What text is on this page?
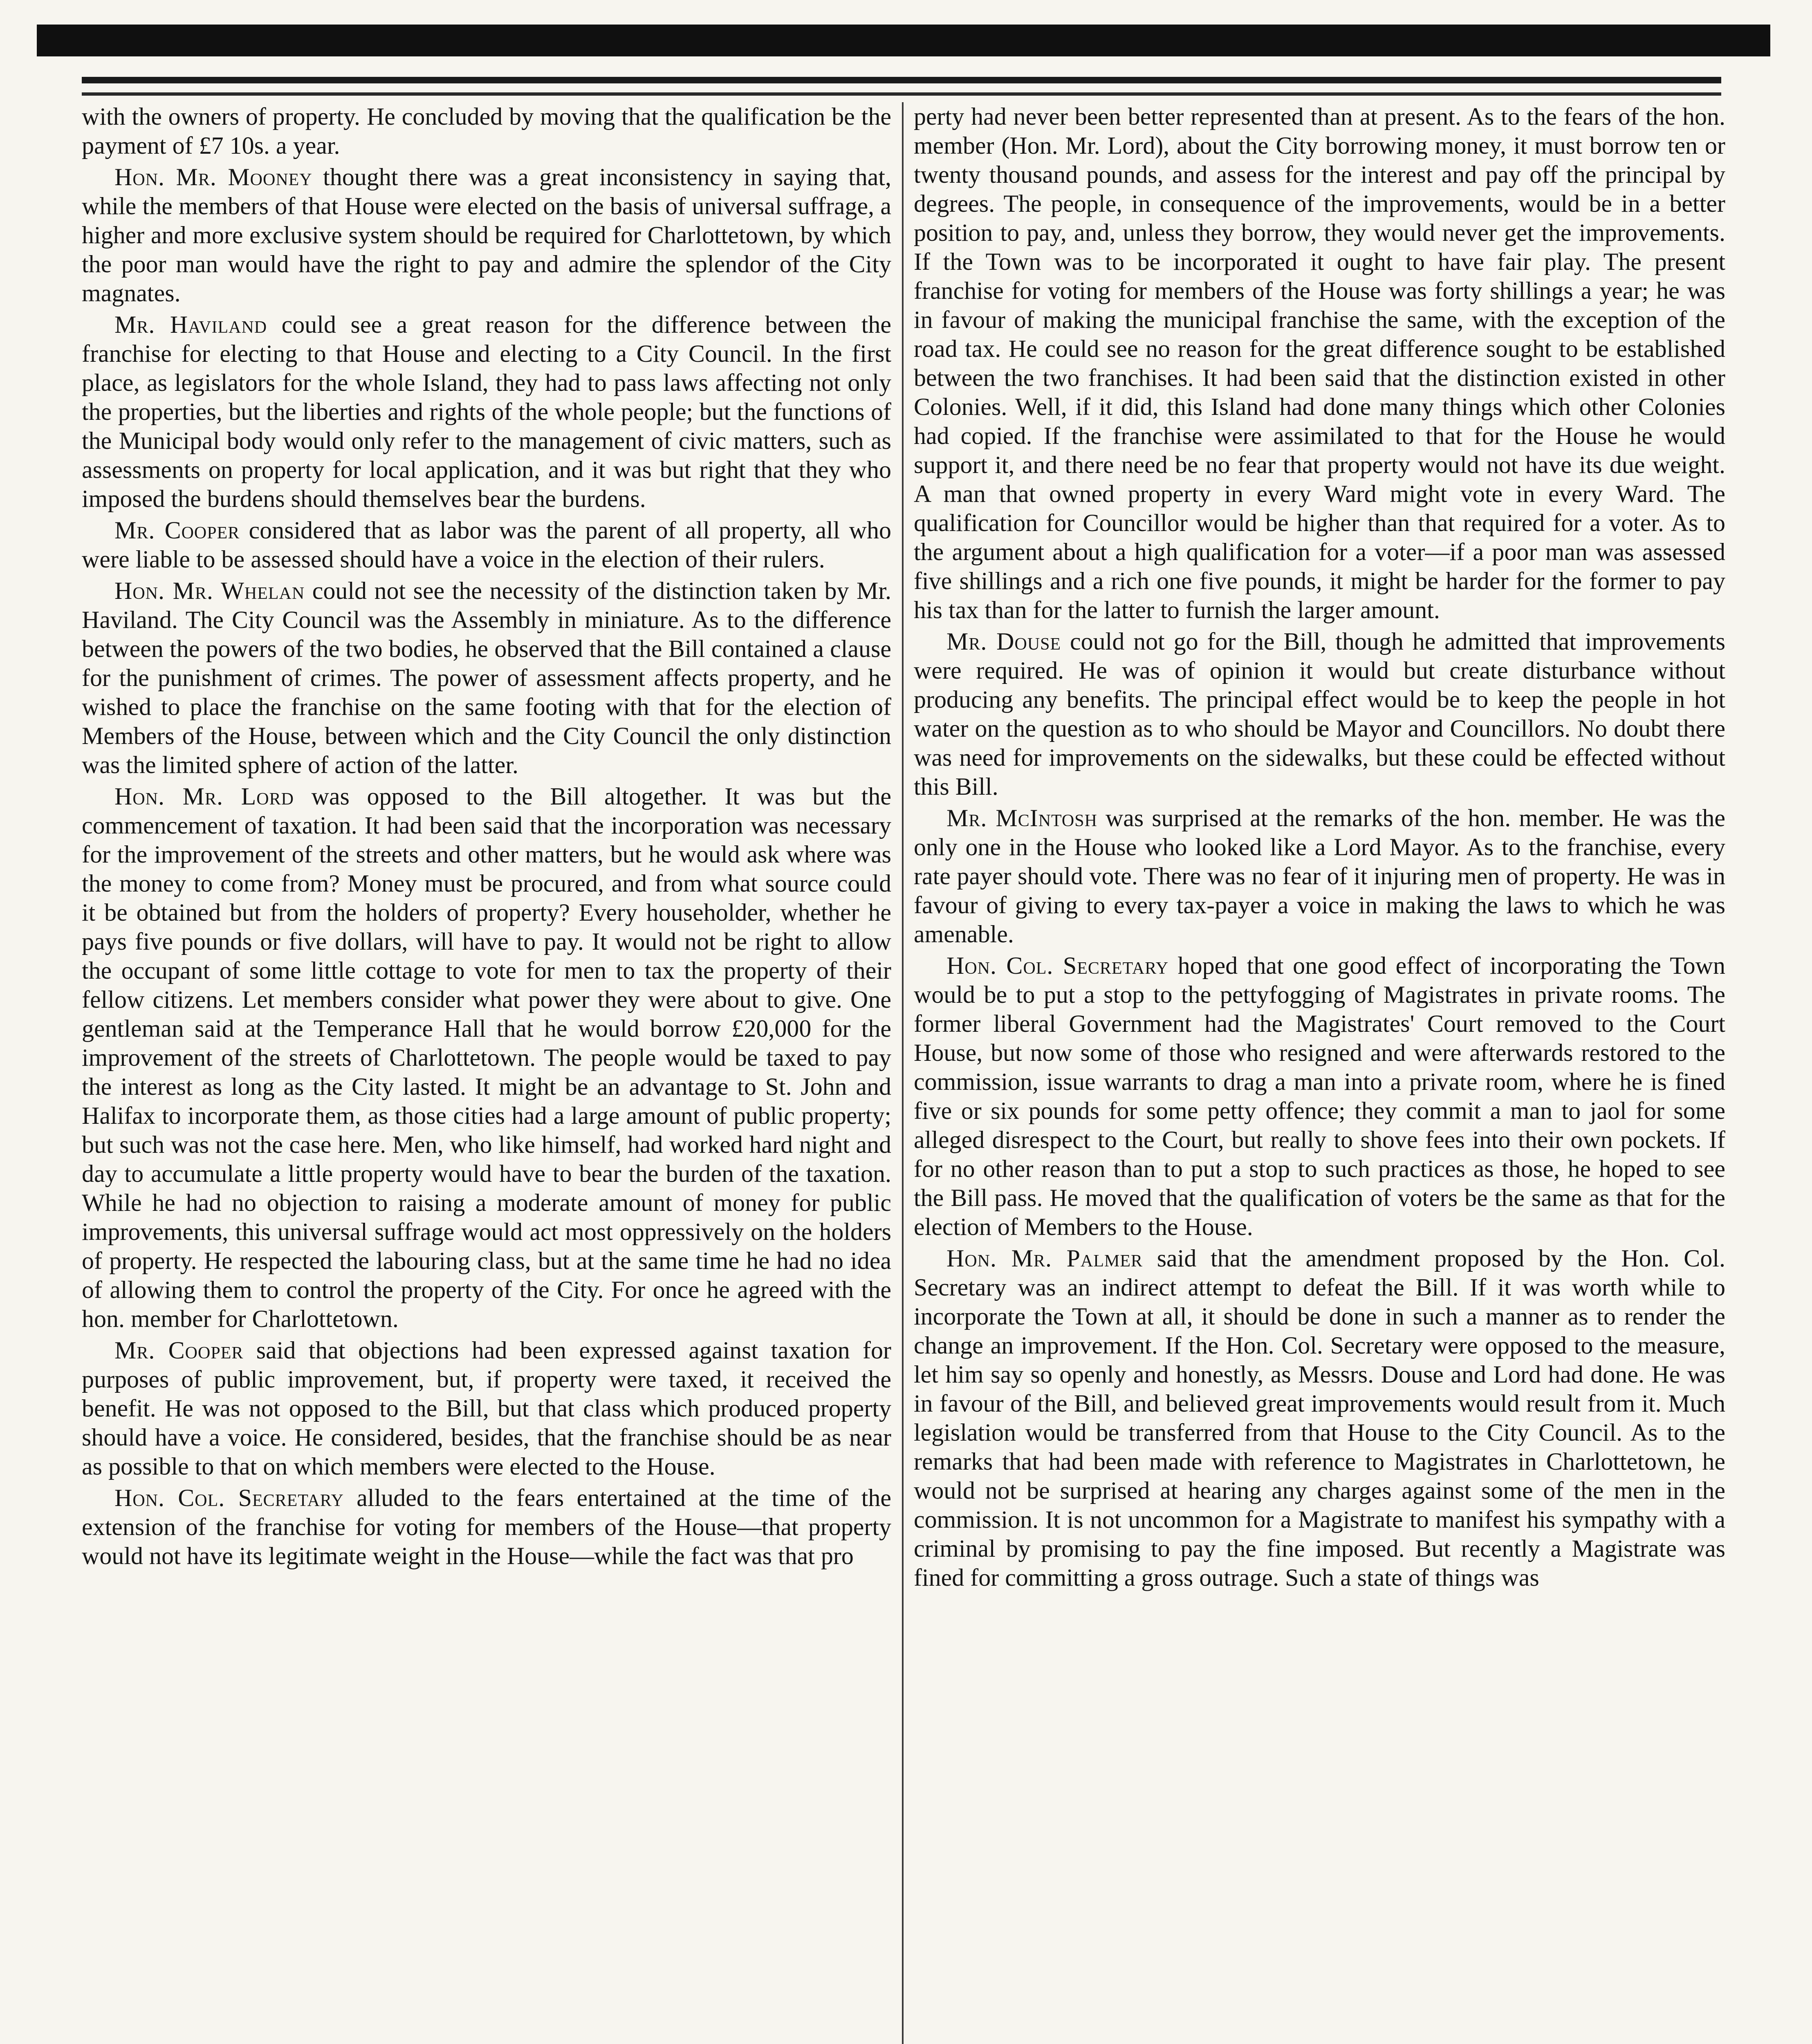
with the owners of property. He concluded by moving that the qualification be the payment of £7 10s. a year.

Hon. Mr. Mooney thought there was a great inconsistency in saying that, while the members of that House were elected on the basis of universal suffrage, a higher and more exclusive system should be required for Charlottetown, by which the poor man would have the right to pay and admire the splendor of the City magnates.

Mr. Haviland could see a great reason for the difference between the franchise for electing to that House and electing to a City Council. In the first place, as legislators for the whole Island, they had to pass laws affecting not only the properties, but the liberties and rights of the whole people; but the functions of the Municipal body would only refer to the management of civic matters, such as assessments on property for local application, and it was but right that they who imposed the burdens should themselves bear the burdens.

Mr. Cooper considered that as labor was the parent of all property, all who were liable to be assessed should have a voice in the election of their rulers.

Hon. Mr. Whelan could not see the necessity of the distinction taken by Mr. Haviland. The City Council was the Assembly in miniature. As to the difference between the powers of the two bodies, he observed that the Bill contained a clause for the punishment of crimes. The power of assessment affects property, and he wished to place the franchise on the same footing with that for the election of Members of the House, between which and the City Council the only distinction was the limited sphere of action of the latter.

Hon. Mr. Lord was opposed to the Bill altogether. It was but the commencement of taxation. It had been said that the incorporation was necessary for the improvement of the streets and other matters, but he would ask where was the money to come from? Money must be procured, and from what source could it be obtained but from the holders of property? Every householder, whether he pays five pounds or five dollars, will have to pay. It would not be right to allow the occupant of some little cottage to vote for men to tax the property of their fellow citizens. Let members consider what power they were about to give. One gentleman said at the Temperance Hall that he would borrow £20,000 for the improvement of the streets of Charlottetown. The people would be taxed to pay the interest as long as the City lasted. It might be an advantage to St. John and Halifax to incorporate them, as those cities had a large amount of public property; but such was not the case here. Men, who like himself, had worked hard night and day to accumulate a little property would have to bear the burden of the taxation. While he had no objection to raising a moderate amount of money for public improvements, this universal suffrage would act most oppressively on the holders of property. He respected the labouring class, but at the same time he had no idea of allowing them to control the property of the City. For once he agreed with the hon. member for Charlottetown.

Mr. Cooper said that objections had been expressed against taxation for purposes of public improvement, but, if property were taxed, it received the benefit. He was not opposed to the Bill, but that class which produced property should have a voice. He considered, besides, that the franchise should be as near as possible to that on which members were elected to the House.

Hon. Col. Secretary alluded to the fears entertained at the time of the extension of the franchise for voting for members of the House—that property would not have its legitimate weight in the House—while the fact was that pro

perty had never been better represented than at present. As to the fears of the hon. member (Hon. Mr. Lord), about the City borrowing money, it must borrow ten or twenty thousand pounds, and assess for the interest and pay off the principal by degrees. The people, in consequence of the improvements, would be in a better position to pay, and, unless they borrow, they would never get the improvements. If the Town was to be incorporated it ought to have fair play. The present franchise for voting for members of the House was forty shillings a year; he was in favour of making the municipal franchise the same, with the exception of the road tax. He could see no reason for the great difference sought to be established between the two franchises. It had been said that the distinction existed in other Colonies. Well, if it did, this Island had done many things which other Colonies had copied. If the franchise were assimilated to that for the House he would support it, and there need be no fear that property would not have its due weight. A man that owned property in every Ward might vote in every Ward. The qualification for Councillor would be higher than that required for a voter. As to the argument about a high qualification for a voter—if a poor man was assessed five shillings and a rich one five pounds, it might be harder for the former to pay his tax than for the latter to furnish the larger amount.

Mr. Douse could not go for the Bill, though he admitted that improvements were required. He was of opinion it would but create disturbance without producing any benefits. The principal effect would be to keep the people in hot water on the question as to who should be Mayor and Councillors. No doubt there was need for improvements on the sidewalks, but these could be effected without this Bill.

Mr. McIntosh was surprised at the remarks of the hon. member. He was the only one in the House who looked like a Lord Mayor. As to the franchise, every rate payer should vote. There was no fear of it injuring men of property. He was in favour of giving to every tax-payer a voice in making the laws to which he was amenable.

Hon. Col. Secretary hoped that one good effect of incorporating the Town would be to put a stop to the pettyfogging of Magistrates in private rooms. The former liberal Government had the Magistrates' Court removed to the Court House, but now some of those who resigned and were afterwards restored to the commission, issue warrants to drag a man into a private room, where he is fined five or six pounds for some petty offence; they commit a man to jaol for some alleged disrespect to the Court, but really to shove fees into their own pockets. If for no other reason than to put a stop to such practices as those, he hoped to see the Bill pass. He moved that the qualification of voters be the same as that for the election of Members to the House.

Hon. Mr. Palmer said that the amendment proposed by the Hon. Col. Secretary was an indirect attempt to defeat the Bill. If it was worth while to incorporate the Town at all, it should be done in such a manner as to render the change an improvement. If the Hon. Col. Secretary were opposed to the measure, let him say so openly and honestly, as Messrs. Douse and Lord had done. He was in favour of the Bill, and believed great improvements would result from it. Much legislation would be transferred from that House to the City Council. As to the remarks that had been made with reference to Magistrates in Charlottetown, he would not be surprised at hearing any charges against some of the men in the commission. It is not uncommon for a Magistrate to manifest his sympathy with a criminal by promising to pay the fine imposed. But recently a Magistrate was fined for committing a gross outrage. Such a state of things was
